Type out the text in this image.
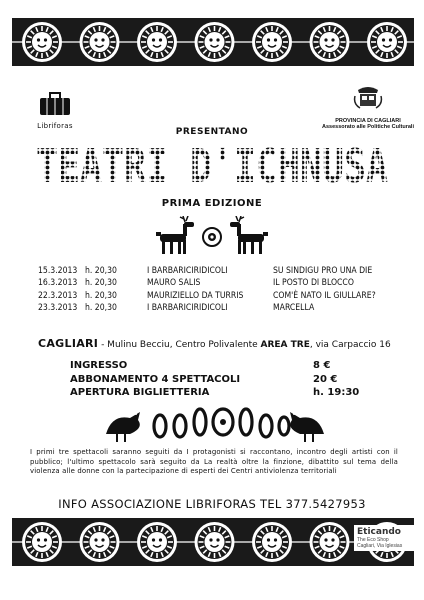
Libriforas
PROVINCIA DI CAGLIARI
Assessorato alle Politiche Culturali
PRESENTANO
PRIMA EDIZIONE
15.3.2013	h. 20,30	I BARBARICIRIDICOLI	SU SINDIGU PRO UNA DIE
16.3.2013	h. 20,30	MAURO SALIS	IL POSTO DI BLOCCO
22.3.2013	h. 20,30	MAURIZIELLO DA TURRIS	COM'È NATO IL GIULLARE?
23.3.2013	h. 20,30	I BARBARICIRIDICOLI	MARCELLA
CAGLIARI - Mulinu Becciu, Centro Polivalente AREA TRE, via Carpaccio 16
INGRESSO	8 €
ABBONAMENTO 4 SPETTACOLI	20 €
APERTURA BIGLIETTERIA	h. 19:30
I primi tre spettacoli saranno seguiti da I protagonisti si raccontano, incontro degli artisti con il pubblico; l'ultimo spettacolo sarà seguito da La realtà oltre la finzione, dibattito sul tema della violenza alle donne con la partecipazione di esperti dei Centri antiviolenza territoriali
INFO ASSOCIAZIONE LIBRIFORAS TEL 377.5427953
Eticando
The Eco Shop
Cagliari, Via Iglesias
